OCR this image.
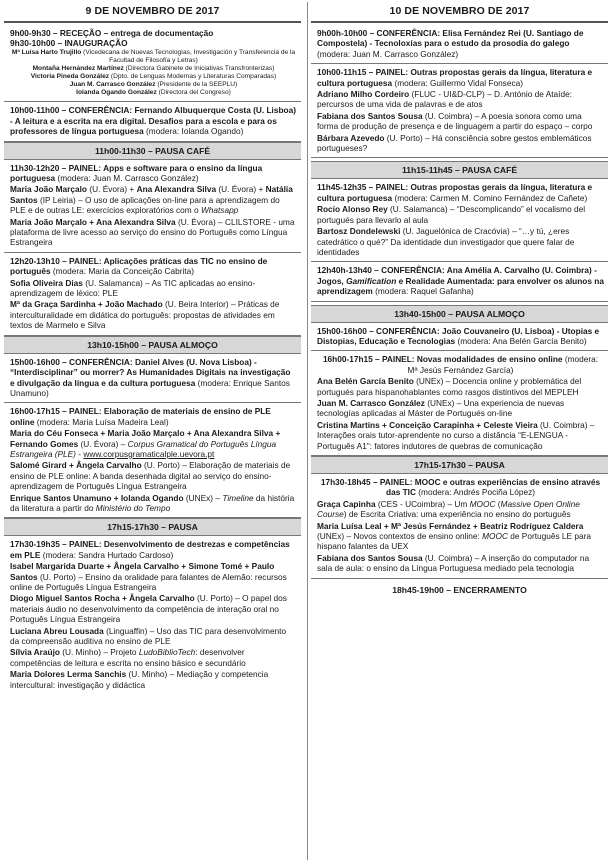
9 DE NOVEMBRO DE 2017
9h00-9h30 – RECEÇÃO – entrega de documentação
9h30-10h00 – INAUGURAÇÃO
Mª Luísa Harto Trujillo (Vicedecana de Nuevas Tecnologías, Investigación y Transferencia de la Facultad de Filosofía y Letras)
Montaña Hernández Martínez (Directora Gabinete de Iniciativas Transfronterizas)
Victoria Pineda González (Dpto. de Lenguas Modernas y Literaturas Comparadas)
Juan M. Carrasco González (Presidente de la SEEPLU)
Iolanda Ogando González (Directora del Congreso)
10h00-11h00 – CONFERÊNCIA: Fernando Albuquerque Costa (U. Lisboa) - A leitura e a escrita na era digital. Desafios para a escola e para os professores de língua portuguesa (modera: Iolanda Ogando)
11h00-11h30 – PAUSA CAFÉ
11h30-12h20 – PAINEL: Apps e software para o ensino da língua portuguesa (modera: Juan M. Carrasco González)
Maria João Marçalo (U. Évora) + Ana Alexandra Silva (U. Évora) + Natália Santos (IP Leiria) – O uso de aplicações on-line para a aprendizagem do PLE e de outras LE: exercícios exploratórios com o Whatsapp
Maria João Marçalo + Ana Alexandra Silva (U. Évora) – CLILSTORE - uma plataforma de livre acesso ao serviço do ensino do Português como Língua Estrangeira
12h20-13h10 – PAINEL: Aplicações práticas das TIC no ensino de português (modera: Maria da Conceição Cabrita)
Sofia Oliveira Dias (U. Salamanca) – As TIC aplicadas ao ensino-aprendizagem de léxico: PLE
Mª da Graça Sardinha + João Machado (U. Beira Interior) – Práticas de interculturalidade em didática do português: propostas de atividades em textos de Marmelo e Silva
13h10-15h00 – PAUSA ALMOÇO
15h00-16h00 – CONFERÊNCIA: Daniel Alves (U. Nova Lisboa) - “Interdisciplinar” ou morrer? As Humanidades Digitais na investigação e divulgação da língua e da cultura portuguesa (modera: Enrique Santos Unamuno)
16h00-17h15 – PAINEL: Elaboração de materiais de ensino de PLE online (modera: Maria Luísa Madeira Leal)
Maria do Céu Fonseca + Maria João Marçalo + Ana Alexandra Silva + Fernando Gomes (U. Évora) – Corpus Gramatical do Português Língua Estrangeira (PLE) - www.corpusgramaticalple.uevora.pt
Salomé Girard + Ângela Carvalho (U. Porto) – Elaboração de materiais de ensino de PLE online: A banda desenhada digital ao serviço do ensino-aprendizagem de Português Língua Estrangeira
Enrique Santos Unamuno + Iolanda Ogando (UNEx) – Timeline da história da literatura a partir do Ministério do Tempo
17h15-17h30 – PAUSA
17h30-19h35 – PAINEL: Desenvolvimento de destrezas e competências em PLE (modera: Sandra Hurtado Cardoso)
Isabel Margarida Duarte + Ângela Carvalho + Simone Tomé + Paulo Santos (U. Porto) – Ensino da oralidade para falantes de Alemão: recursos online de Português Língua Estrangeira
Diogo Miguel Santos Rocha + Ângela Carvalho (U. Porto) – O papel dos materiais áudio no desenvolvimento da competência de interação oral no Português Língua Estrangeira
Luciana Abreu Lousada (Linguaffin) – Uso das TIC para desenvolvimento da compreensão auditiva no ensino de PLE
Sílvia Araújo (U. Minho) – Projeto LudoBiblioTech: desenvolver competências de leitura e escrita no ensino básico e secundário
Maria Dolores Lerma Sanchis (U. Minho) – Mediação y competencia intercultural: investigação y didáctica
10 DE NOVEMBRO DE 2017
9h00h-10h00 – CONFERÊNCIA: Elisa Fernández Rei (U. Santiago de Compostela) - Tecnoloxías para o estudo da prosodia do galego (modera: Juan M. Carrasco González)
10h00-11h15 – PAINEL: Outras propostas gerais da língua, literatura e cultura portuguesa (modera: Guillermo Vidal Fonseca)
Adriano Milho Cordeiro (FLUC - UI&D-CLP) – D. António de Ataíde: percursos de uma vida de palavras e de atos
Fabiana dos Santos Sousa (U. Coimbra) – A poesia sonora como uma forma de produção de presença e de linguagem a partir do espaço – corpo
Bárbara Azevedo (U. Porto) – Há consciência sobre gestos emblemáticos portugueses?
11h15-11h45 – PAUSA CAFÉ
11h45-12h35 – PAINEL: Outras propostas gerais da língua, literatura e cultura portuguesa (modera: Carmen M. Comino Fernández de Cañete)
Rocío Alonso Rey (U. Salamanca) – “Descomplicando” el vocalismo del portugués para llevarlo al aula
Bartosz Dondelewski (U. Jaguelónica de Cracóvia) – “…y tú, ¿eres catedrático o qué?” Da identidade dun investigador que quere falar de identidades
12h40h-13h40 – CONFERÊNCIA: Ana Amélia A. Carvalho (U. Coimbra) - Jogos, Gamification e Realidade Aumentada: para envolver os alunos na aprendizagem (modera: Raquel Gafanha)
13h40-15h00 – PAUSA ALMOÇO
15h00-16h00 – CONFERÊNCIA: João Couvaneiro (U. Lisboa) - Utopias e Distopias, Educação e Tecnologias (modera: Ana Belén García Benito)
16h00-17h15 – PAINEL: Novas modalidades de ensino online (modera: Mª Jesús Fernández García)
Ana Belén García Benito (UNEx) – Docencia online y problemática del portugués para hispanohablantes como rasgos distintivos del MEPLEH
Juan M. Carrasco González (UNEx) – Una experiencia de nuevas tecnologías aplicadas al Máster de Portugués on-line
Cristina Martins + Conceição Carapinha + Celeste Vieira (U. Coimbra) – Interações orais tutor-aprendente no curso a distância “E-LENGUA - Português A1”: fatores indutores de quebras de comunicação
17h15-17h30 – PAUSA
17h30-18h45 – PAINEL: MOOC e outras experiências de ensino através das TIC (modera: Andrés Pociña López)
Graça Capinha (CES - UCoimbra) – Um MOOC (Massive Open Online Course) de Escrita Criativa: uma experiência no ensino do português
Maria Luísa Leal + Mª Jesús Fernández + Beatriz Rodríguez Caldera (UNEx) – Novos contextos de ensino online: MOOC de Português LE para hispano falantes da UEX
Fabiana dos Santos Sousa (U. Coimbra) – A inserção do computador na sala de aula: o ensino da Língua Portuguesa mediado pela tecnologia
18h45-19h00 – ENCERRAMENTO
